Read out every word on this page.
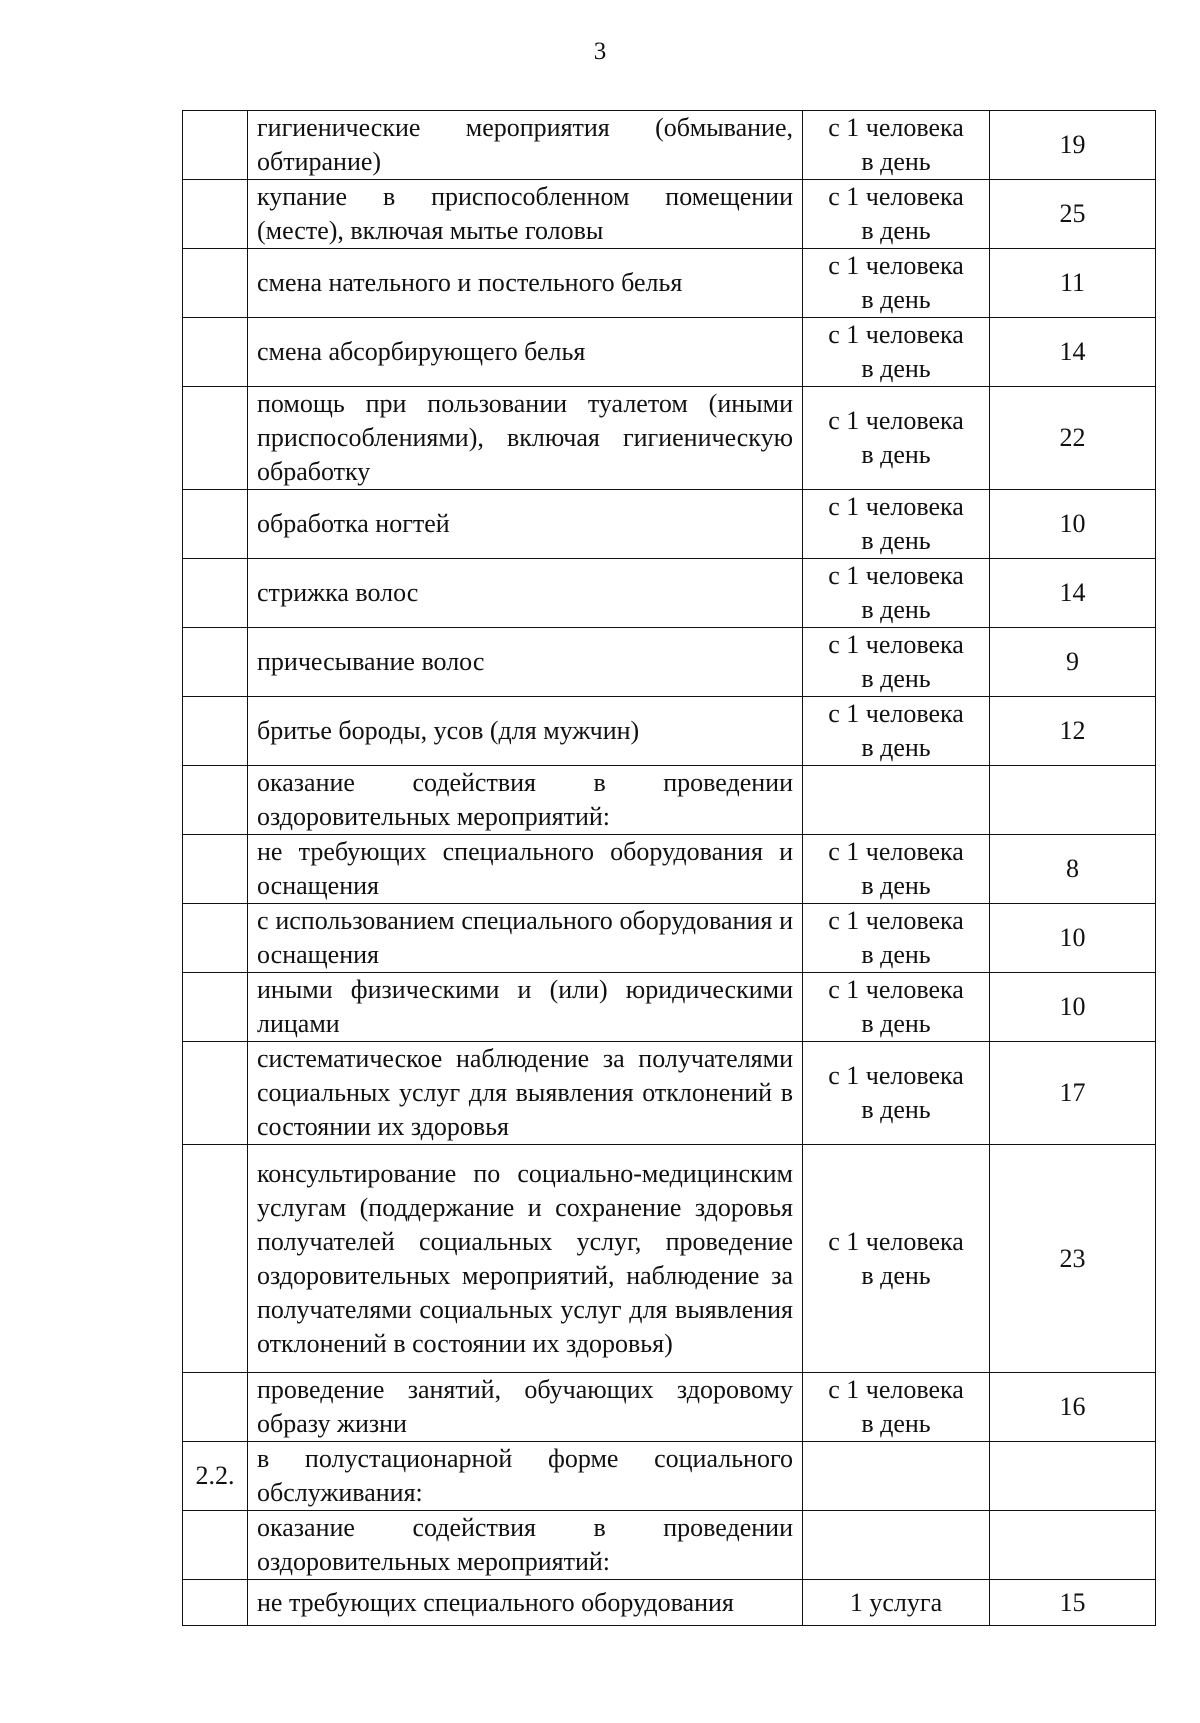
3
	гигиенические мероприятия (обмывание, обтирание)	с 1 человека
в день	19
	купание в приспособленном помещении (месте), включая мытье головы	с 1 человека
в день	25
	смена нательного и постельного белья	с 1 человека
в день	11
	смена абсорбирующего белья	с 1 человека
в день	14
	помощь при пользовании туалетом (иными приспособлениями), включая гигиеническую обработку	с 1 человека
в день	22
	обработка ногтей	с 1 человека
в день	10
	стрижка волос	с 1 человека
в день	14
	причесывание волос	с 1 человека
в день	9
	бритье бороды, усов (для мужчин)	с 1 человека
в день	12
	оказание содействия в проведении оздоровительных мероприятий:	

	не требующих специального оборудования и оснащения	с 1 человека
в день	8
	с использованием специального оборудования и оснащения	с 1 человека
в день	10
	иными физическими и (или) юридическими лицами	с 1 человека
в день	10
	систематическое наблюдение за получателями социальных услуг для выявления отклонений в состоянии их здоровья	с 1 человека
в день	17
	консультирование по социально-медицинским услугам (поддержание и сохранение здоровья получателей социальных услуг, проведение оздоровительных мероприятий, наблюдение за получателями социальных услуг для выявления отклонений в состоянии их здоровья)	с 1 человека
в день	23
	проведение занятий, обучающих здоровому образу жизни	с 1 человека
в день	16
2.2.	в полустационарной форме социального обслуживания:	

	оказание содействия в проведении оздоровительных мероприятий:	

	не требующих специального оборудования	1 услуга	15
